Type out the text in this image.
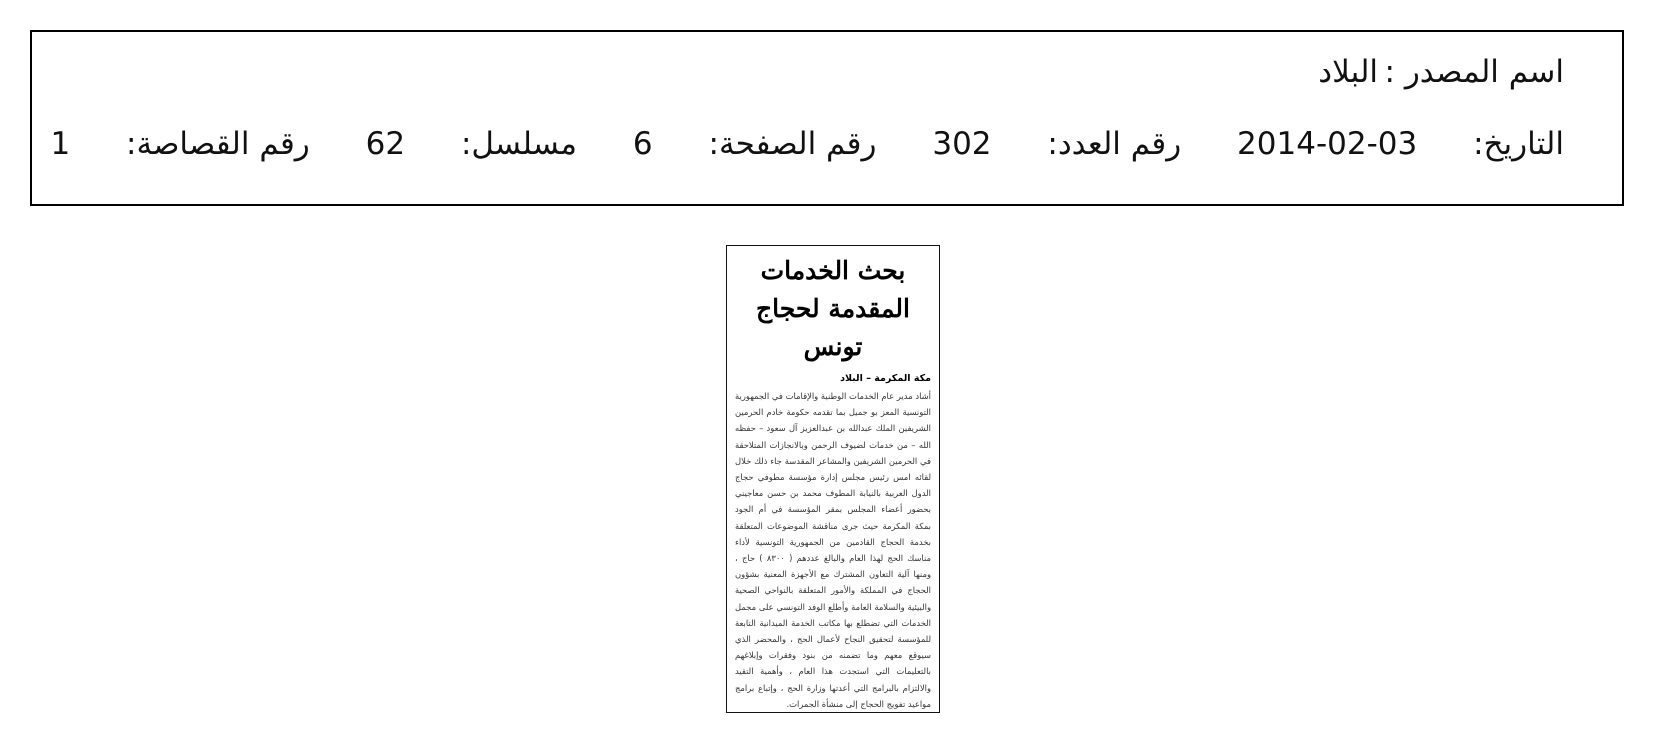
اسم المصدر :البلاد
التاريخ: 2014-02-03 رقم العدد: 302 رقم الصفحة: 6 مسلسل: 62 رقم القصاصة: 1
بحث الخدمات
المقدمة لحجاج تونس
مكة المكرمة – البلاد
أشاد مدير عام الخدمات الوطنية والإقامات في الجمهورية التونسية المعز بو جميل بما تقدمه حكومة خادم الحرمين الشريفين الملك عبدالله بن عبدالعزيز آل سعود – حفظه الله – من خدمات لضيوف الرحمن وبالانجازات المتلاحقة في الحرمين الشريفين والمشاعر المقدسة جاء ذلك خلال لقائه امس رئيس مجلس إدارة مؤسسة مطوفي حجاج الدول العربية بالنيابة المطوف محمد بن حسن معاجيني بحضور أعضاء المجلس بمقر المؤسسة في أم الجود بمكة المكرمة حيث جرى مناقشة الموضوعات المتعلقة بخدمة الحجاج القادمين من الجمهورية التونسية لأداء مناسك الحج لهذا العام والبالغ عددهم ( ٨٣٠٠ ) حاج ، ومنها آلية التعاون المشترك مع الأجهزة المعنية بشؤون الحجاج في المملكة والأمور المتعلقة بالنواحي الصحية والبيئية والسلامة العامة وأطلع الوفد التونسي على مجمل الخدمات التي تضطلع بها مكاتب الخدمة الميدانية التابعة للمؤسسة لتحقيق النجاح لأعمال الحج ، والمحضر الذي سيوقع معهم وما تضمنه من بنود وفقرات وإبلاغهم بالتعليمات التي استجدت هذا العام ، وأهمية التقيد والالتزام بالبرامج التي أعدتها وزارة الحج ، وإتباع برامج مواعيد تفويج الحجاج إلى منشأة الجمرات.
